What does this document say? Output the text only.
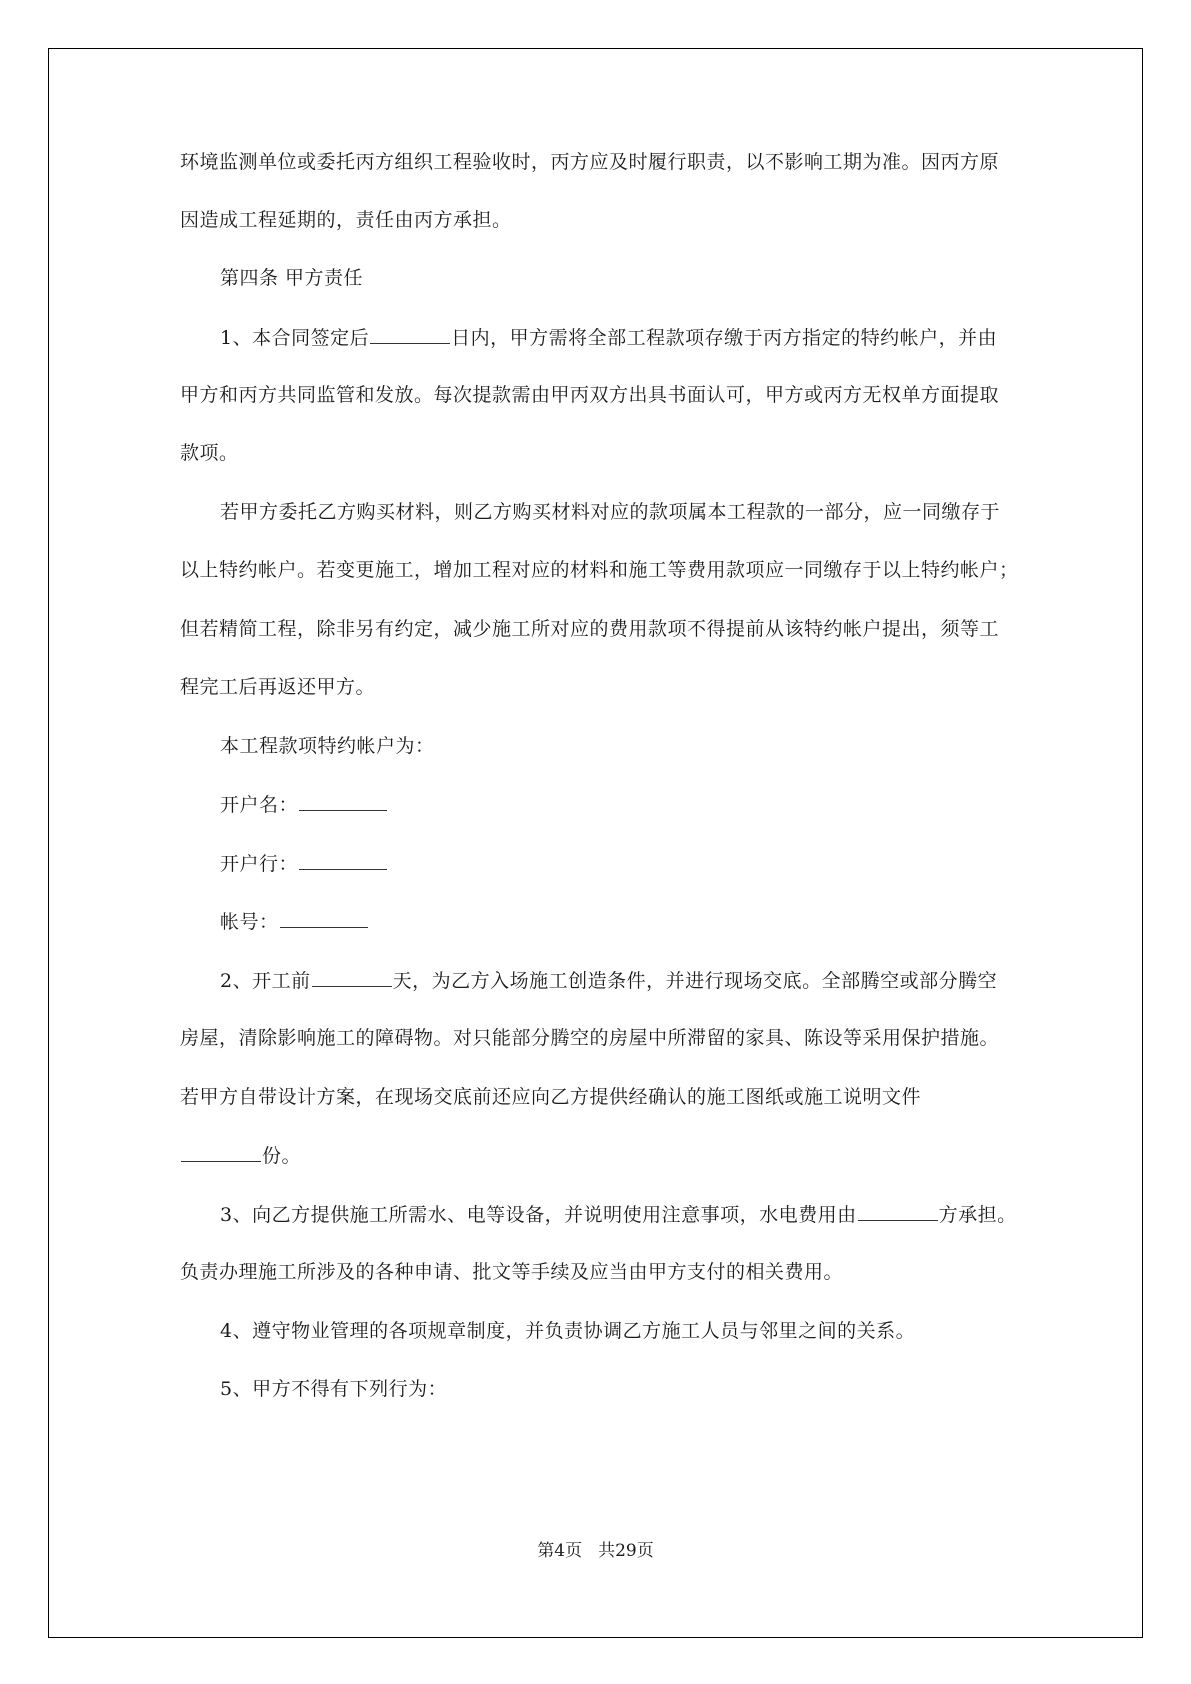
环境监测单位或委托丙方组织工程验收时，丙方应及时履行职责，以不影响工期为准。因丙方原
因造成工程延期的，责任由丙方承担。
第四条 甲方责任
1、本合同签定后	日内，甲方需将全部工程款项存缴于丙方指定的特约帐户，并由
甲方和丙方共同监管和发放。每次提款需由甲丙双方出具书面认可，甲方或丙方无权单方面提取
款项。
若甲方委托乙方购买材料，则乙方购买材料对应的款项属本工程款的一部分，应一同缴存于
以上特约帐户。若变更施工，增加工程对应的材料和施工等费用款项应一同缴存于以上特约帐户；
但若精简工程，除非另有约定，减少施工所对应的费用款项不得提前从该特约帐户提出，须等工
程完工后再返还甲方。
本工程款项特约帐户为：
开户名：
开户行：
帐号：
2、开工前	天，为乙方入场施工创造条件，并进行现场交底。全部腾空或部分腾空
房屋，清除影响施工的障碍物。对只能部分腾空的房屋中所滞留的家具、陈设等采用保护措施。
若甲方自带设计方案，在现场交底前还应向乙方提供经确认的施工图纸或施工说明文件
份。
3、向乙方提供施工所需水、电等设备，并说明使用注意事项，水电费用由	方承担。
负责办理施工所涉及的各种申请、批文等手续及应当由甲方支付的相关费用。
4、遵守物业管理的各项规章制度，并负责协调乙方施工人员与邻里之间的关系。
5、甲方不得有下列行为：
第4页 共29页
